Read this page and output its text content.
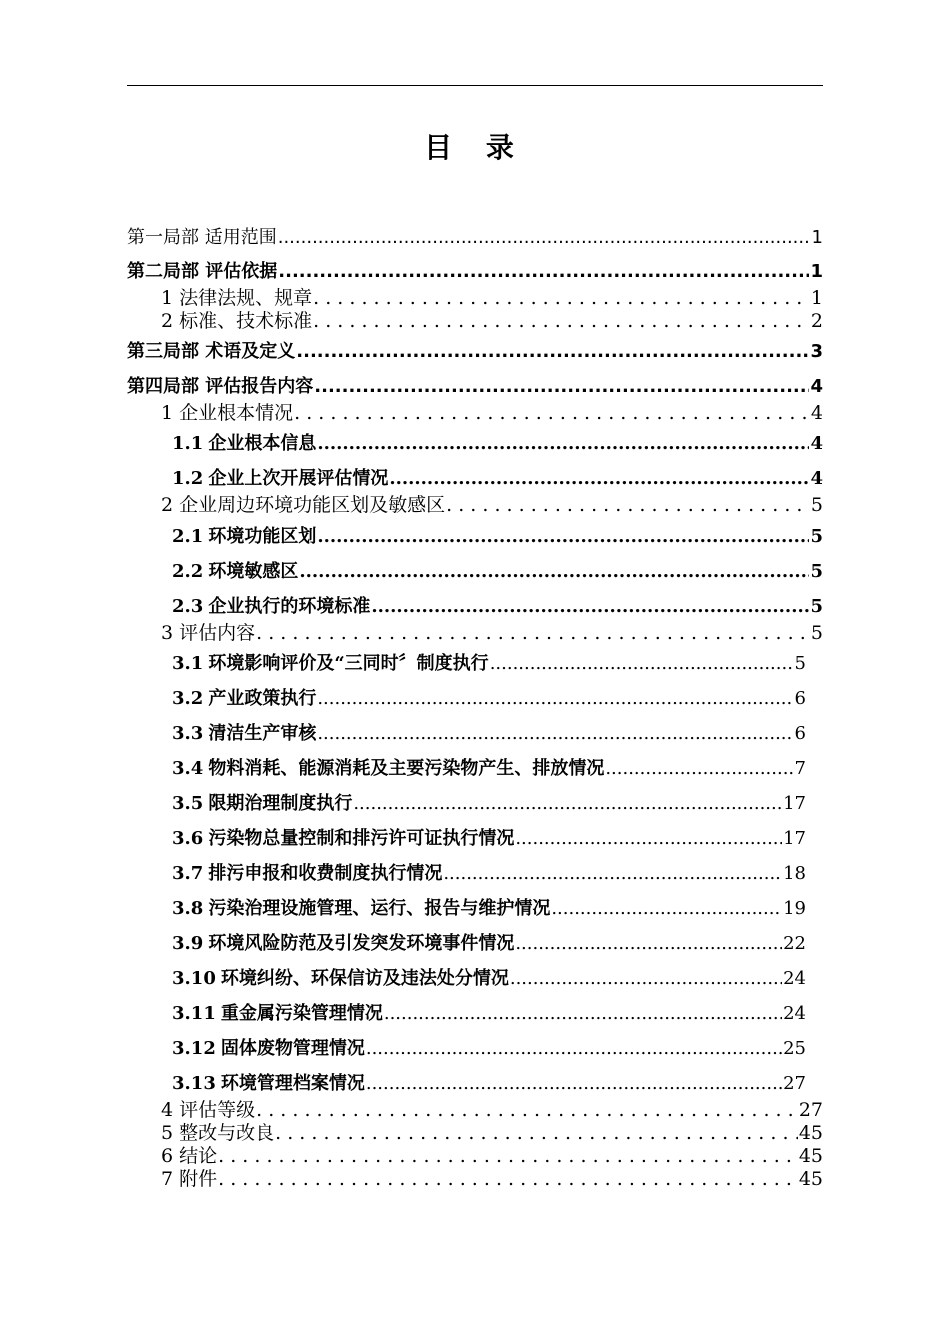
目 录
第一局部 适用范围 .....	1
第二局部 评估依据 .....	1
1 法律法规、规章 . . .	1
2 标准、技术标准 . . .	2
第三局部 术语及定义 .....	3
第四局部 评估报告内容 .....	4
1 企业根本情况 . . .	4
1.1 企业根本信息 .....	4
1.2 企业上次开展评估情况 .....	4
2 企业周边环境功能区划及敏感区 . . .	5
2.1 环境功能区划 .....	5
2.2 环境敏感区 .....	5
2.3 企业执行的环境标准 .....	5
3 评估内容 . . .	5
3.1 环境影响评价及“三同时〞制度执行 .....	5
3.2 产业政策执行 .....	6
3.3 清洁生产审核 .....	6
3.4 物料消耗、能源消耗及主要污染物产生、排放情况 .....	7
3.5 限期治理制度执行 .....	17
3.6 污染物总量控制和排污许可证执行情况 .....	17
3.7 排污申报和收费制度执行情况 .....	18
3.8 污染治理设施管理、运行、报告与维护情况 .....	19
3.9 环境风险防范及引发突发环境事件情况 .....	22
3.10 环境纠纷、环保信访及违法处分情况 .....	24
3.11 重金属污染管理情况 .....	24
3.12 固体废物管理情况 .....	25
3.13 环境管理档案情况 .....	27
4 评估等级 . . .	27
5 整改与改良 . . .	45
6 结论 . . .	45
7 附件 . . .	45
